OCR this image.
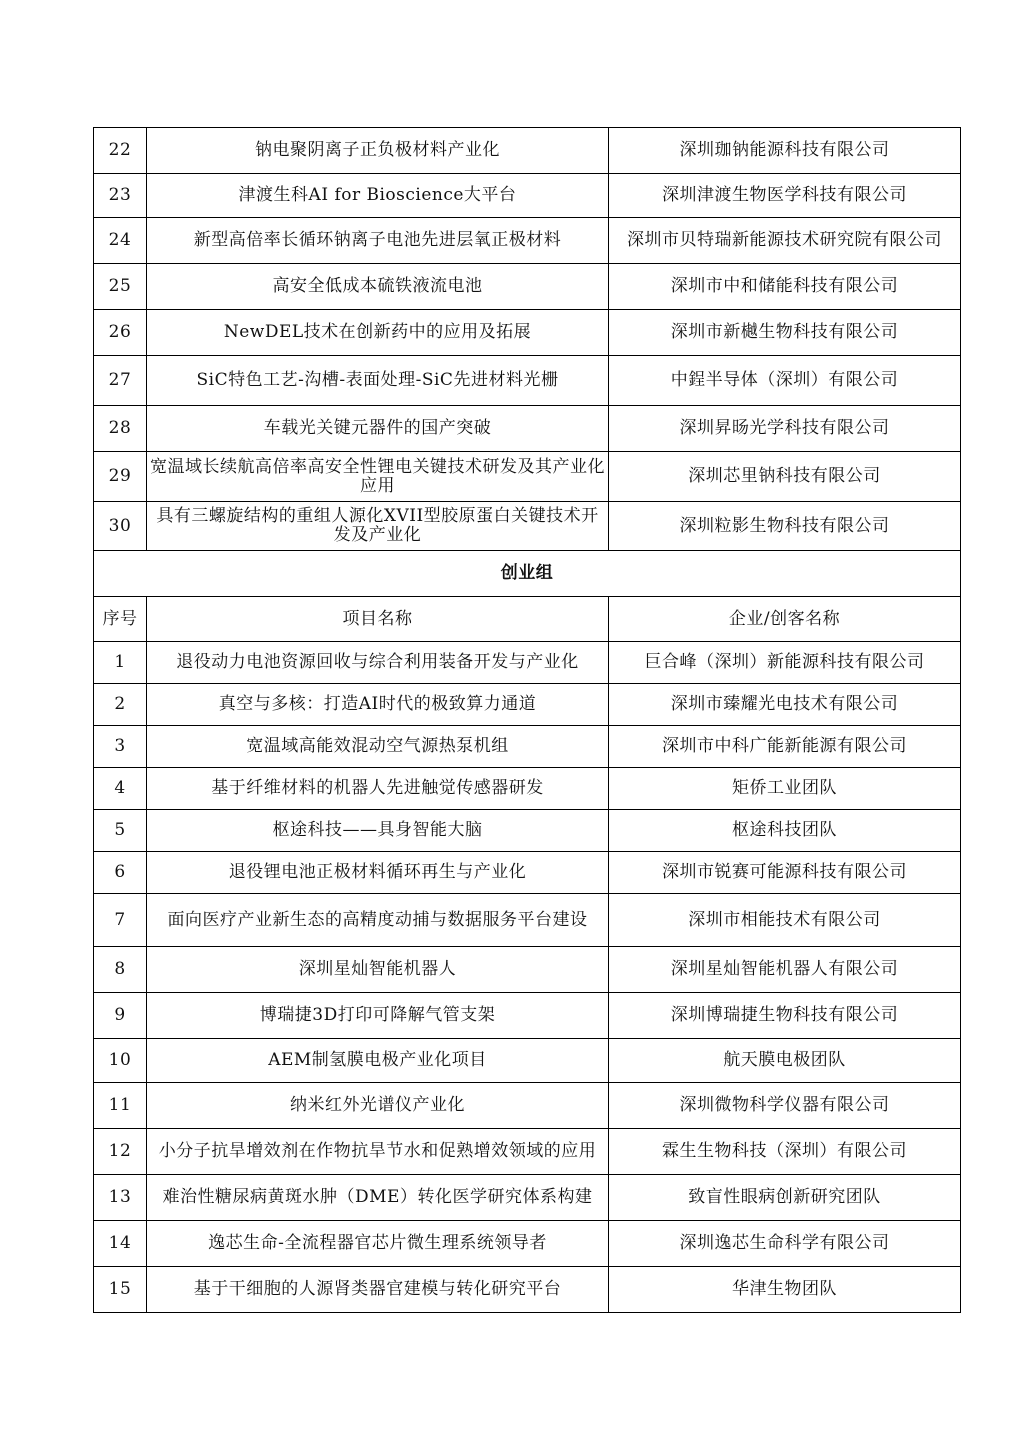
22	钠电聚阴离子正负极材料产业化	深圳珈钠能源科技有限公司
23	津渡生科AI for Bioscience大平台	深圳津渡生物医学科技有限公司
24	新型高倍率长循环钠离子电池先进层氧正极材料	深圳市贝特瑞新能源技术研究院有限公司
25	高安全低成本硫铁液流电池	深圳市中和储能科技有限公司
26	NewDEL技术在创新药中的应用及拓展	深圳市新樾生物科技有限公司
27	SiC特色工艺-沟槽-表面处理-SiC先进材料光栅	中鋥半导体（深圳）有限公司
28	车载光关键元器件的国产突破	深圳昇旸光学科技有限公司
29	宽温域长续航高倍率高安全性锂电关键技术研发及其产业化应用	深圳芯里钠科技有限公司
30	具有三螺旋结构的重组人源化XVII型胶原蛋白关键技术开发及产业化	深圳粒影生物科技有限公司
创业组		
序号	项目名称	企业/创客名称
1	退役动力电池资源回收与综合利用装备开发与产业化	巨合峰（深圳）新能源科技有限公司
2	真空与多核：打造AI时代的极致算力通道	深圳市臻耀光电技术有限公司
3	宽温域高能效混动空气源热泵机组	深圳市中科广能新能源有限公司
4	基于纤维材料的机器人先进触觉传感器研发	矩侨工业团队
5	枢途科技——具身智能大脑	枢途科技团队
6	退役锂电池正极材料循环再生与产业化	深圳市锐赛可能源科技有限公司
7	面向医疗产业新生态的高精度动捕与数据服务平台建设	深圳市相能技术有限公司
8	深圳星灿智能机器人	深圳星灿智能机器人有限公司
9	博瑞捷3D打印可降解气管支架	深圳博瑞捷生物科技有限公司
10	AEM制氢膜电极产业化项目	航天膜电极团队
11	纳米红外光谱仪产业化	深圳微物科学仪器有限公司
12	小分子抗旱增效剂在作物抗旱节水和促熟增效领域的应用	霖生生物科技（深圳）有限公司
13	难治性糖尿病黄斑水肿（DME）转化医学研究体系构建	致盲性眼病创新研究团队
14	逸芯生命-全流程器官芯片微生理系统领导者	深圳逸芯生命科学有限公司
15	基于干细胞的人源肾类器官建模与转化研究平台	华津生物团队
